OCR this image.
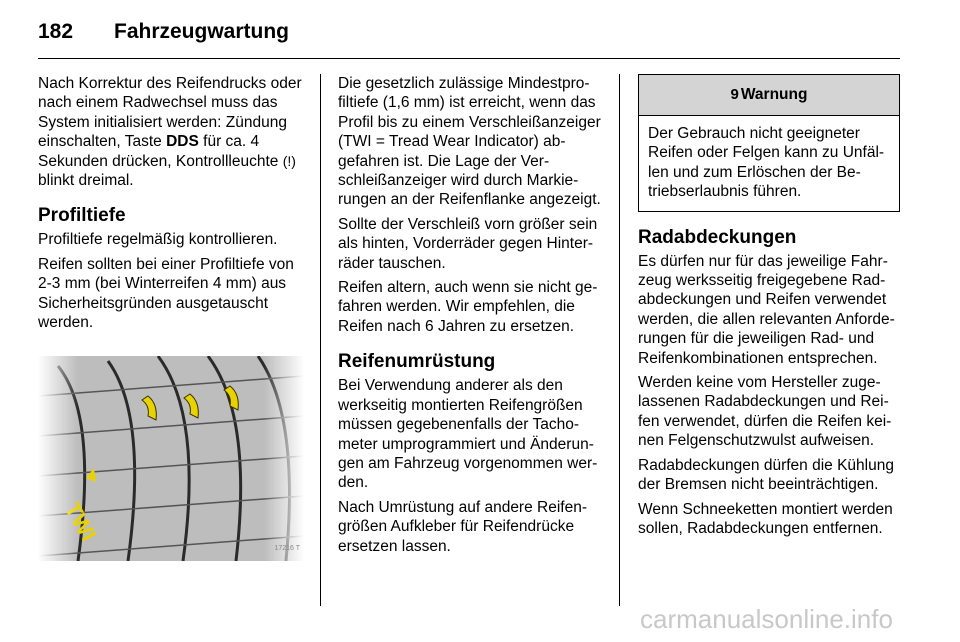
182 Fahrzeugwartung

Nach Korrektur des Reifendrucks oder nach einem Radwechsel muss das System initialisiert werden: Zündung einschalten, Taste DDS für ca. 4 Sekunden drücken, Kontrollleuchte (!) blinkt dreimal.

Profiltiefe

Profiltiefe regelmäßig kontrollieren.

Reifen sollten bei einer Profiltiefe von 2-3 mm (bei Winterreifen 4 mm) aus Sicherheitsgründen ausgetauscht werden.

17216 T

Die gesetzlich zulässige Mindestprofiltiefe (1,6 mm) ist erreicht, wenn das Profil bis zu einem Verschleißanzeiger (TWI = Tread Wear Indicator) abgefahren ist. Die Lage der Verschleißanzeiger wird durch Markierungen an der Reifenflanke angezeigt.

Sollte der Verschleiß vorn größer sein als hinten, Vorderräder gegen Hinterräder tauschen.

Reifen altern, auch wenn sie nicht gefahren werden. Wir empfehlen, die Reifen nach 6 Jahren zu ersetzen.

Reifenumrüstung

Bei Verwendung anderer als den werkseitig montierten Reifengrößen müssen gegebenenfalls der Tachometer umprogrammiert und Änderungen am Fahrzeug vorgenommen werden.

Nach Umrüstung auf andere Reifengrößen Aufkleber für Reifendrücke ersetzen lassen.

9 Warnung
Der Gebrauch nicht geeigneter Reifen oder Felgen kann zu Unfällen und zum Erlöschen der Betriebserlaubnis führen.
Radabdeckungen

Es dürfen nur für das jeweilige Fahrzeug werksseitig freigegebene Radabdeckungen und Reifen verwendet werden, die allen relevanten Anforderungen für die jeweiligen Rad- und Reifenkombinationen entsprechen.

Werden keine vom Hersteller zugelassenen Radabdeckungen und Reifen verwendet, dürfen die Reifen keinen Felgenschutzwulst aufweisen.

Radabdeckungen dürfen die Kühlung der Bremsen nicht beeinträchtigen.

Wenn Schneeketten montiert werden sollen, Radabdeckungen entfernen.

carmanualsonline.info
